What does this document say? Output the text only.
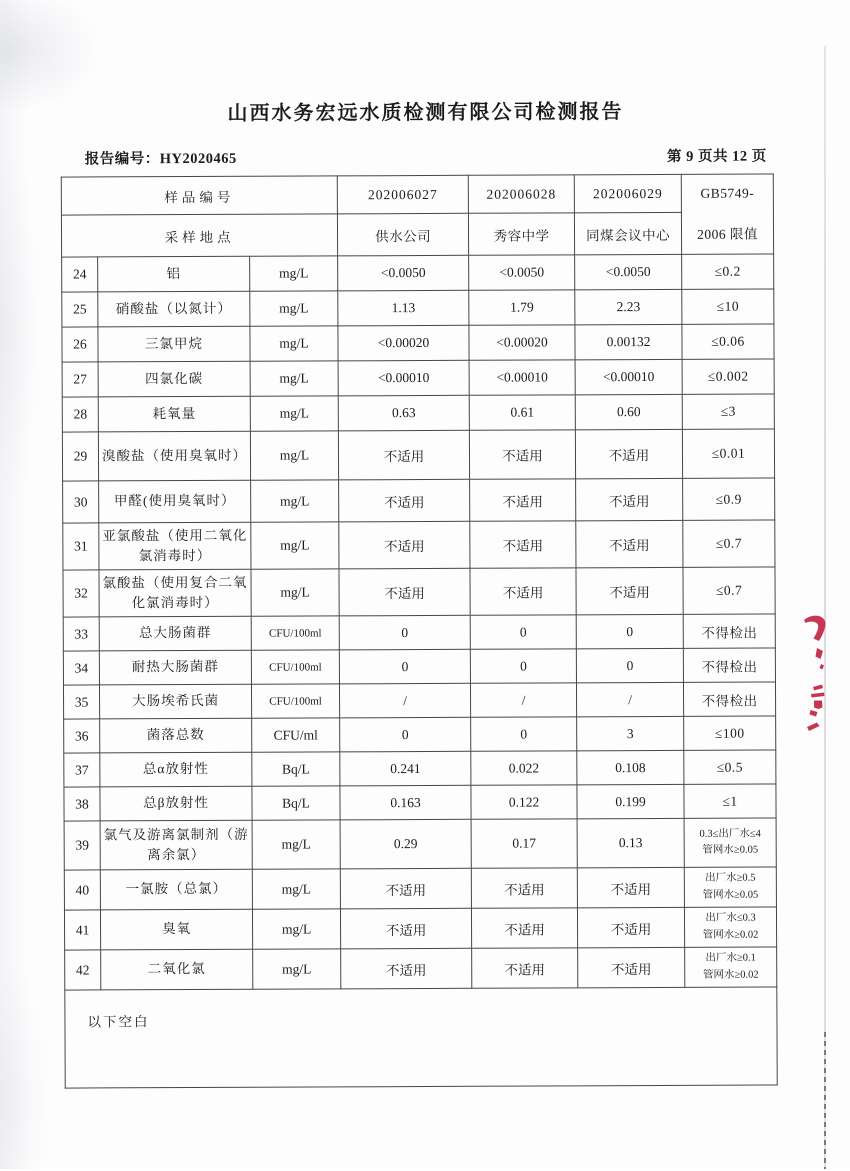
山西水务宏远水质检测有限公司检测报告
报告编号：HY2020465	第 9 页共 12 页
样品编号			202006027	202006028	202006029	GB5749-
2006 限值

采样地点			供水公司	秀容中学	同煤会议中心	
24	铝	mg/L	<0.0050	<0.0050	<0.0050	≤0.2
25	硝酸盐（以氮计）	mg/L	1.13	1.79	2.23	≤10
26	三氯甲烷	mg/L	<0.00020	<0.00020	0.00132	≤0.06
27	四氯化碳	mg/L	<0.00010	<0.00010	<0.00010	≤0.002
28	耗氧量	mg/L	0.63	0.61	0.60	≤3
29	溴酸盐（使用臭氧时）	mg/L	不适用	不适用	不适用	≤0.01
30	甲醛(使用臭氧时）	mg/L	不适用	不适用	不适用	≤0.9
31	亚氯酸盐（使用二氧化氯消毒时）	mg/L	不适用	不适用	不适用	≤0.7
32	氯酸盐（使用复合二氧化氯消毒时）	mg/L	不适用	不适用	不适用	≤0.7
33	总大肠菌群	CFU/100ml	0	0	0	不得检出
34	耐热大肠菌群	CFU/100ml	0	0	0	不得检出
35	大肠埃希氏菌	CFU/100ml	/	/	/	不得检出
36	菌落总数	CFU/ml	0	0	3	≤100
37	总α放射性	Bq/L	0.241	0.022	0.108	≤0.5
38	总β放射性	Bq/L	0.163	0.122	0.199	≤1
39	氯气及游离氯制剂（游离余氯）	mg/L	0.29	0.17	0.13	0.3≤出厂水≤4
管网水≥0.05

40	一氯胺（总氯）	mg/L	不适用	不适用	不适用	出厂水≥0.5
管网水≥0.05

41	臭氧	mg/L	不适用	不适用	不适用	出厂水≤0.3
管网水≥0.02

42	二氧化氯	mg/L	不适用	不适用	不适用	出厂水≥0.1
管网水≥0.02

以下空白						
